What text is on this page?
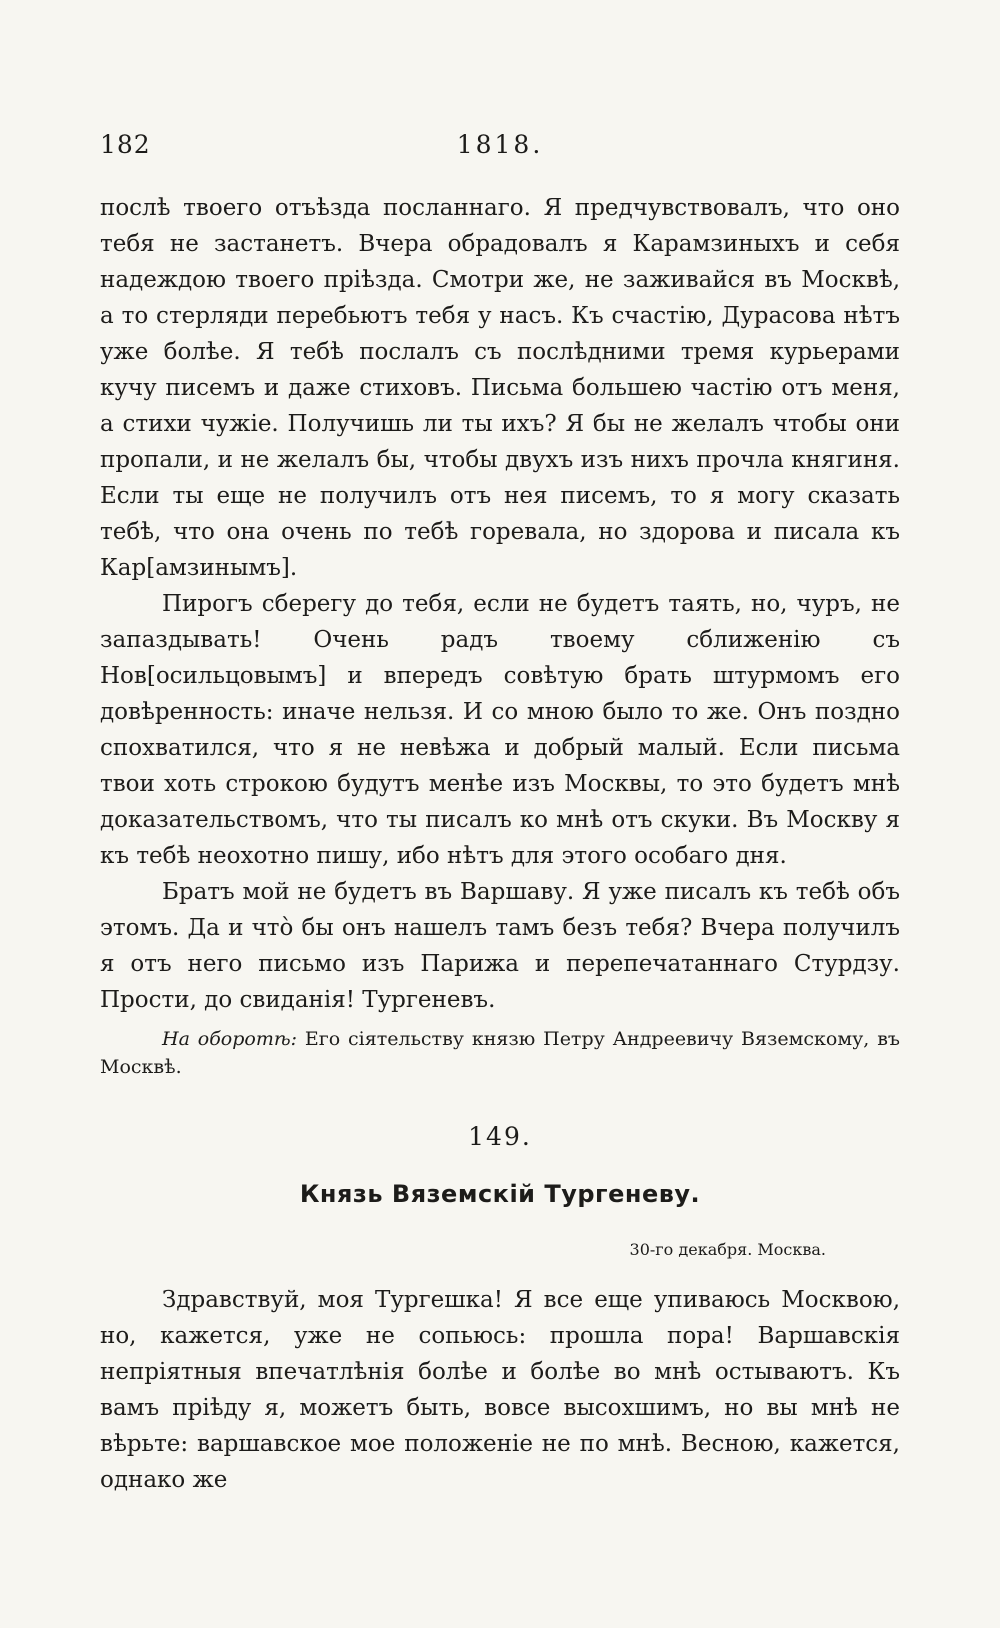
182	1818.

послѣ твоего отъѣзда посланнаго. Я предчувствовалъ, что оно тебя не застанетъ. Вчера обрадовалъ я Карамзиныхъ и себя надеждою твоего пріѣзда. Смотри же, не заживайся въ Москвѣ, а то стерляди перебьютъ тебя у насъ. Къ счастію, Дурасова нѣтъ уже болѣе. Я тебѣ послалъ съ послѣдними тремя курьерами кучу писемъ и даже стиховъ. Письма большею частію отъ меня, а стихи чужіе. Получишь ли ты ихъ? Я бы не желалъ чтобы они пропали, и не желалъ бы, чтобы двухъ изъ нихъ прочла княгиня. Если ты еще не получилъ отъ нея писемъ, то я могу сказать тебѣ, что она очень по тебѣ горевала, но здорова и писала къ Кар[амзинымъ].

Пирогъ сберегу до тебя, если не будетъ таять, но, чуръ, не запаздывать! Очень радъ твоему сближенію съ Нов[осильцовымъ] и впередъ совѣтую брать штурмомъ его довѣренность: иначе нельзя. И со мною было то же. Онъ поздно спохватился, что я не невѣжа и добрый малый. Если письма твои хоть строкою будутъ менѣе изъ Москвы, то это будетъ мнѣ доказательствомъ, что ты писалъ ко мнѣ отъ скуки. Въ Москву я къ тебѣ неохотно пишу, ибо нѣтъ для этого особаго дня.

Братъ мой не будетъ въ Варшаву. Я уже писалъ къ тебѣ объ этомъ. Да и что̀ бы онъ нашелъ тамъ безъ тебя? Вчера получилъ я отъ него письмо изъ Парижа и перепечатаннаго Стурдзу. Прости, до свиданія! Тургеневъ.

На оборотѣ: Его сіятельству князю Петру Андреевичу Вяземскому, въ Москвѣ.
149.
Князь Вяземскій Тургеневу.
30-го декабря. Москва.

Здравствуй, моя Тургешка! Я все еще упиваюсь Москвою, но, кажется, уже не сопьюсь: прошла пора! Варшавскія непріятныя впечатлѣнія болѣе и болѣе во мнѣ остываютъ. Къ вамъ пріѣду я, можетъ быть, вовсе высохшимъ, но вы мнѣ не вѣрьте: варшавское мое положеніе не по мнѣ. Весною, кажется, однако же
